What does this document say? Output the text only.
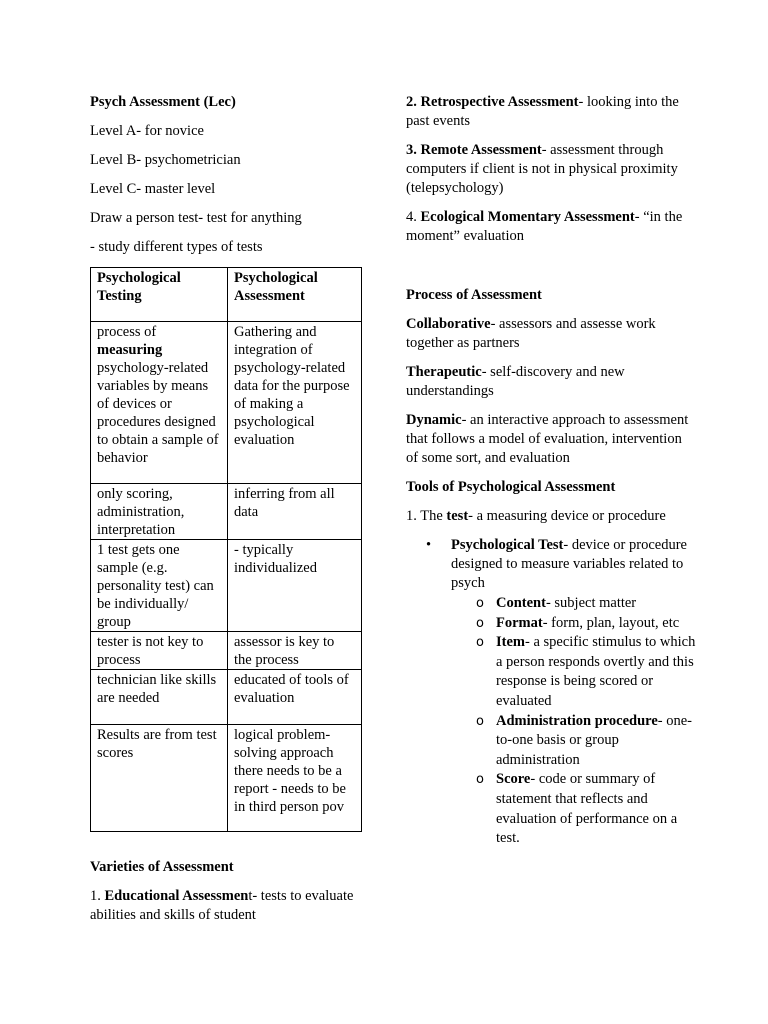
Psych Assessment (Lec)

Level A- for novice

Level B- psychometrician

Level C- master level

Draw a person test- test for anything

- study different types of tests

Psychological Testing	Psychological Assessment
process of measuring psychology-related variables by means of devices or procedures designed to obtain a sample of behavior	Gathering and integration of psychology-related data for the purpose of making a psychological evaluation
only scoring, administration, interpretation	inferring from all data
1 test gets one sample (e.g. personality test) can be individually/ group	- typically individualized
tester is not key to process	assessor is key to the process
technician like skills are needed	educated of tools of evaluation
Results are from test scores	logical problem-solving approach there needs to be a report - needs to be in third person pov

Varieties of Assessment

1. Educational Assessment- tests to evaluate abilities and skills of student

2. Retrospective Assessment- looking into the past events

3. Remote Assessment- assessment through computers if client is not in physical proximity (telepsychology)

4. Ecological Momentary Assessment- “in the moment” evaluation

Process of Assessment

Collaborative- assessors and assesse work together as partners

Therapeutic- self-discovery and new understandings

Dynamic- an interactive approach to assessment that follows a model of evaluation, intervention of some sort, and evaluation

Tools of Psychological Assessment

1. The test- a measuring device or procedure

• Psychological Test- device or procedure designed to measure variables related to psych
o Content- subject matter
o Format- form, plan, layout, etc
o Item- a specific stimulus to which a person responds overtly and this response is being scored or evaluated
o Administration procedure- one-to-one basis or group administration
o Score- code or summary of statement that reflects and evaluation of performance on a test.
